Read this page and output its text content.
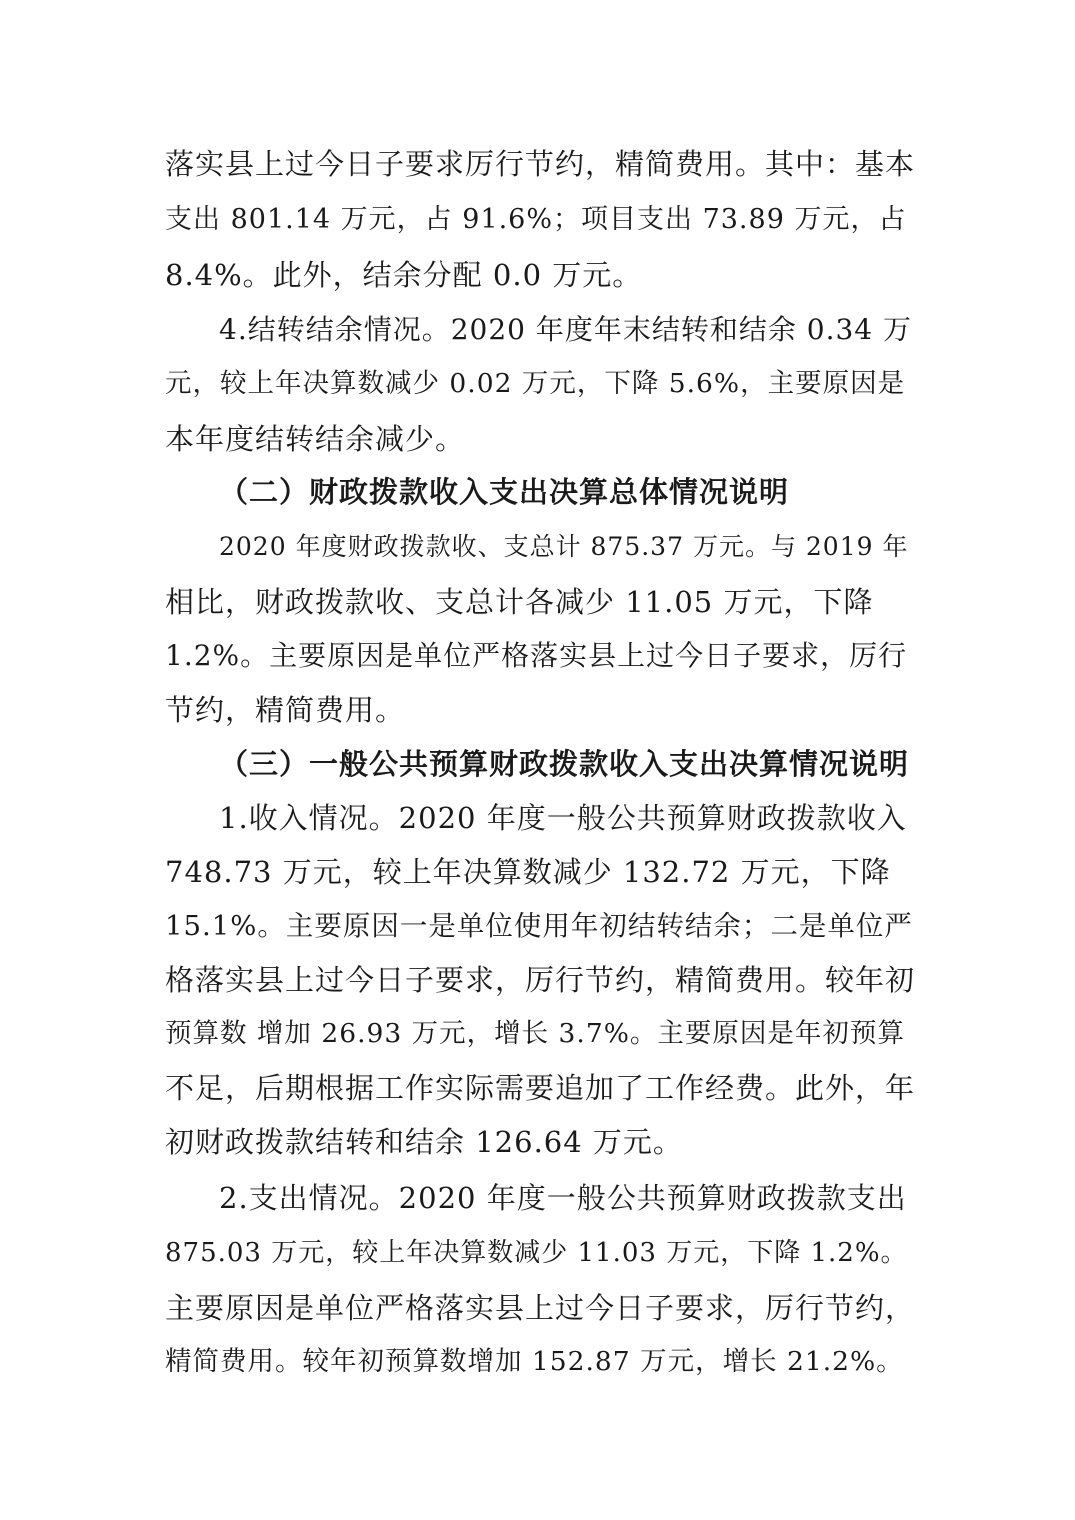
落实县上过今日子要求厉行节约，精简费用。其中：基本
支出 801.14 万元，占 91.6%；项目支出 73.89 万元，占
8.4%。此外，结余分配 0.0 万元。
4.结转结余情况。2020 年度年末结转和结余 0.34 万
元，较上年决算数减少 0.02 万元，下降 5.6%，主要原因是
本年度结转结余减少。
（二）财政拨款收入支出决算总体情况说明
2020 年度财政拨款收、支总计 875.37 万元。与 2019 年
相比，财政拨款收、支总计各减少 11.05 万元，下降
1.2%。主要原因是单位严格落实县上过今日子要求，厉行
节约，精简费用。
（三）一般公共预算财政拨款收入支出决算情况说明
1.收入情况。2020 年度一般公共预算财政拨款收入
748.73 万元，较上年决算数减少 132.72 万元，下降
15.1%。主要原因一是单位使用年初结转结余；二是单位严
格落实县上过今日子要求，厉行节约，精简费用。较年初
预算数 增加 26.93 万元，增长 3.7%。主要原因是年初预算
不足，后期根据工作实际需要追加了工作经费。此外，年
初财政拨款结转和结余 126.64 万元。
2.支出情况。2020 年度一般公共预算财政拨款支出
875.03 万元，较上年决算数减少 11.03 万元，下降 1.2%。
主要原因是单位严格落实县上过今日子要求，厉行节约，
精简费用。较年初预算数增加 152.87 万元，增长 21.2%。
